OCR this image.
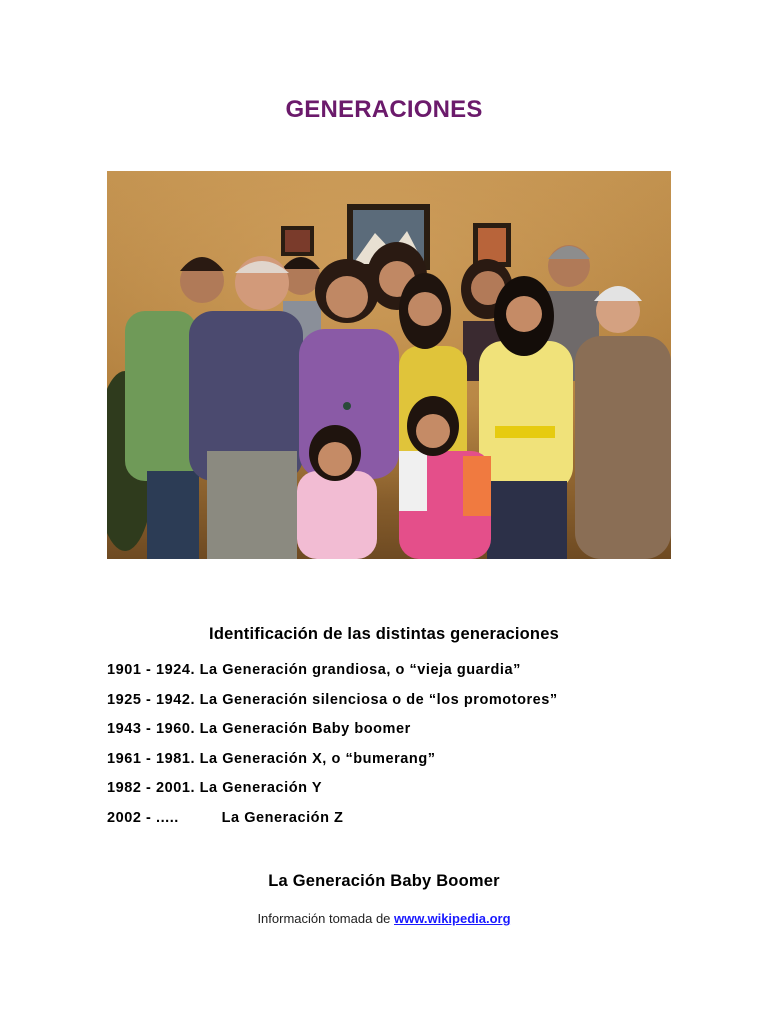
GENERACIONES
Identificación de las distintas generaciones
1901 - 1924. La Generación grandiosa, o “vieja guardia”
1925 - 1942. La Generación silenciosa o de “los promotores”
1943 - 1960. La Generación Baby boomer
1961 - 1981. La Generación X, o “bumerang”
1982 - 2001. La Generación Y
2002 - .....	La Generación Z
La Generación Baby Boomer
Información tomada de www.wikipedia.org
